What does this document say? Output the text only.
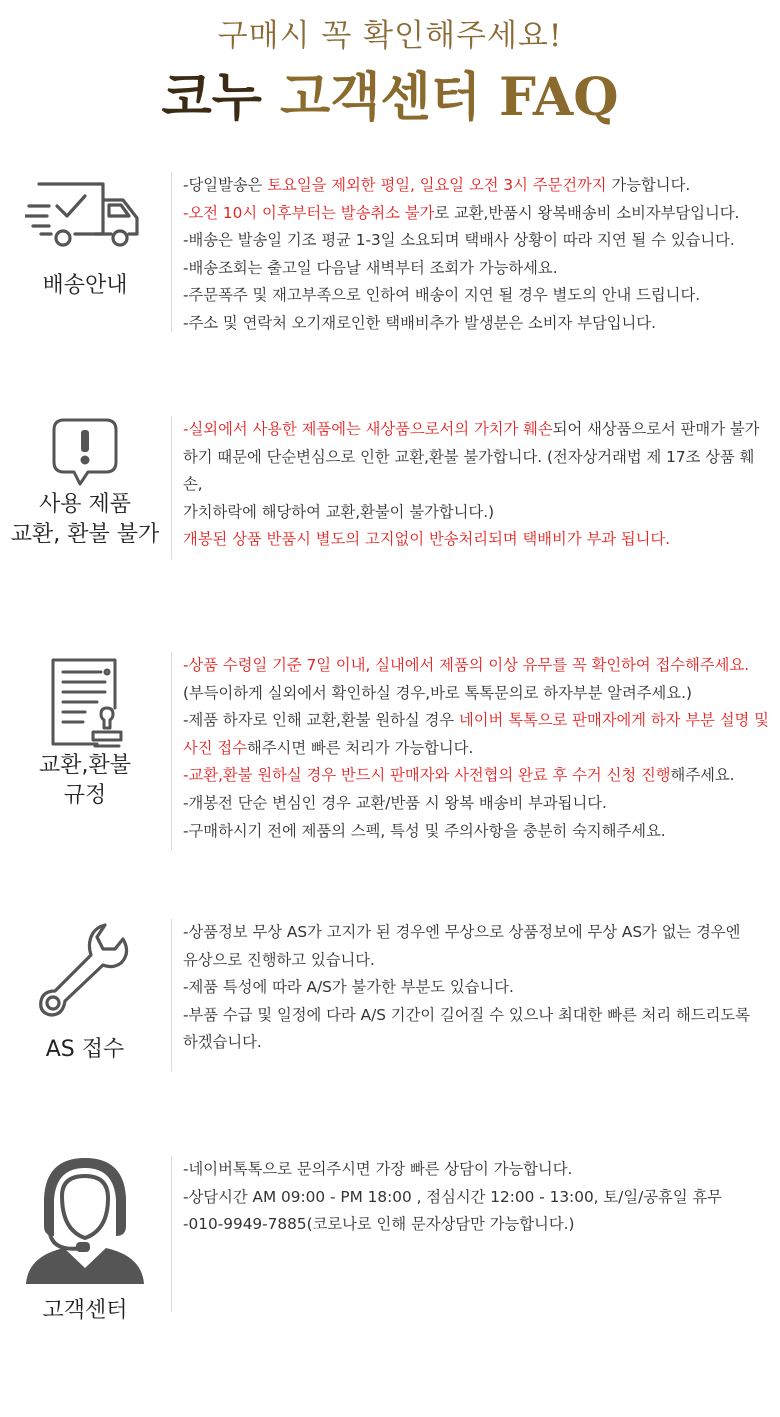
구매시 꼭 확인해주세요!
코누 고객센터 FAQ
배송안내

-당일발송은 토요일을 제외한 평일, 일요일 오전 3시 주문건까지 가능합니다.

-오전 10시 이후부터는 발송취소 불가로 교환,반품시 왕복배송비 소비자부담입니다.

-배송은 발송일 기조 평균 1-3일 소요되며 택배사 상황이 따라 지연 될 수 있습니다.

-배송조회는 출고일 다음날 새벽부터 조회가 가능하세요.

-주문폭주 및 재고부족으로 인하여 배송이 지연 될 경우 별도의 안내 드립니다.

-주소 및 연락처 오기재로인한 택배비추가 발생분은 소비자 부담입니다.

사용 제품
교환, 환불 불가

-실외에서 사용한 제품에는 새상품으로서의 가치가 훼손되어 새상품으로서 판매가 불가

하기 때문에 단순변심으로 인한 교환,환불 불가합니다. (전자상거래법 제 17조 상품 훼손,

가치하락에 해당하여 교환,환불이 불가합니다.)

개봉된 상품 반품시 별도의 고지없이 반송처리되며 택배비가 부과 됩니다.

교환,환불
규정

-상품 수령일 기준 7일 이내, 실내에서 제품의 이상 유무를 꼭 확인하여 접수해주세요.

(부득이하게 실외에서 확인하실 경우,바로 톡톡문의로 하자부분 알려주세요.)

-제품 하자로 인해 교환,환불 원하실 경우 네이버 톡톡으로 판매자에게 하자 부분 설명 및

사진 접수해주시면 빠른 처리가 가능합니다.

-교환,환불 원하실 경우 반드시 판매자와 사전협의 완료 후 수거 신청 진행해주세요.

-개봉전 단순 변심인 경우 교환/반품 시 왕복 배송비 부과됩니다.

-구매하시기 전에 제품의 스펙, 특성 및 주의사항을 충분히 숙지해주세요.

AS 접수

-상품정보 무상 AS가 고지가 된 경우엔 무상으로 상품정보에 무상 AS가 없는 경우엔

유상으로 진행하고 있습니다.

-제품 특성에 따라 A/S가 불가한 부분도 있습니다.

-부품 수급 및 일정에 다라 A/S 기간이 길어질 수 있으나 최대한 빠른 처리 해드리도록

하겠습니다.

고객센터

-네이버톡톡으로 문의주시면 가장 빠른 상담이 가능합니다.

-상담시간 AM 09:00 - PM 18:00 , 점심시간 12:00 - 13:00, 토/일/공휴일 휴무

-010-9949-7885(코로나로 인해 문자상담만 가능합니다.)
